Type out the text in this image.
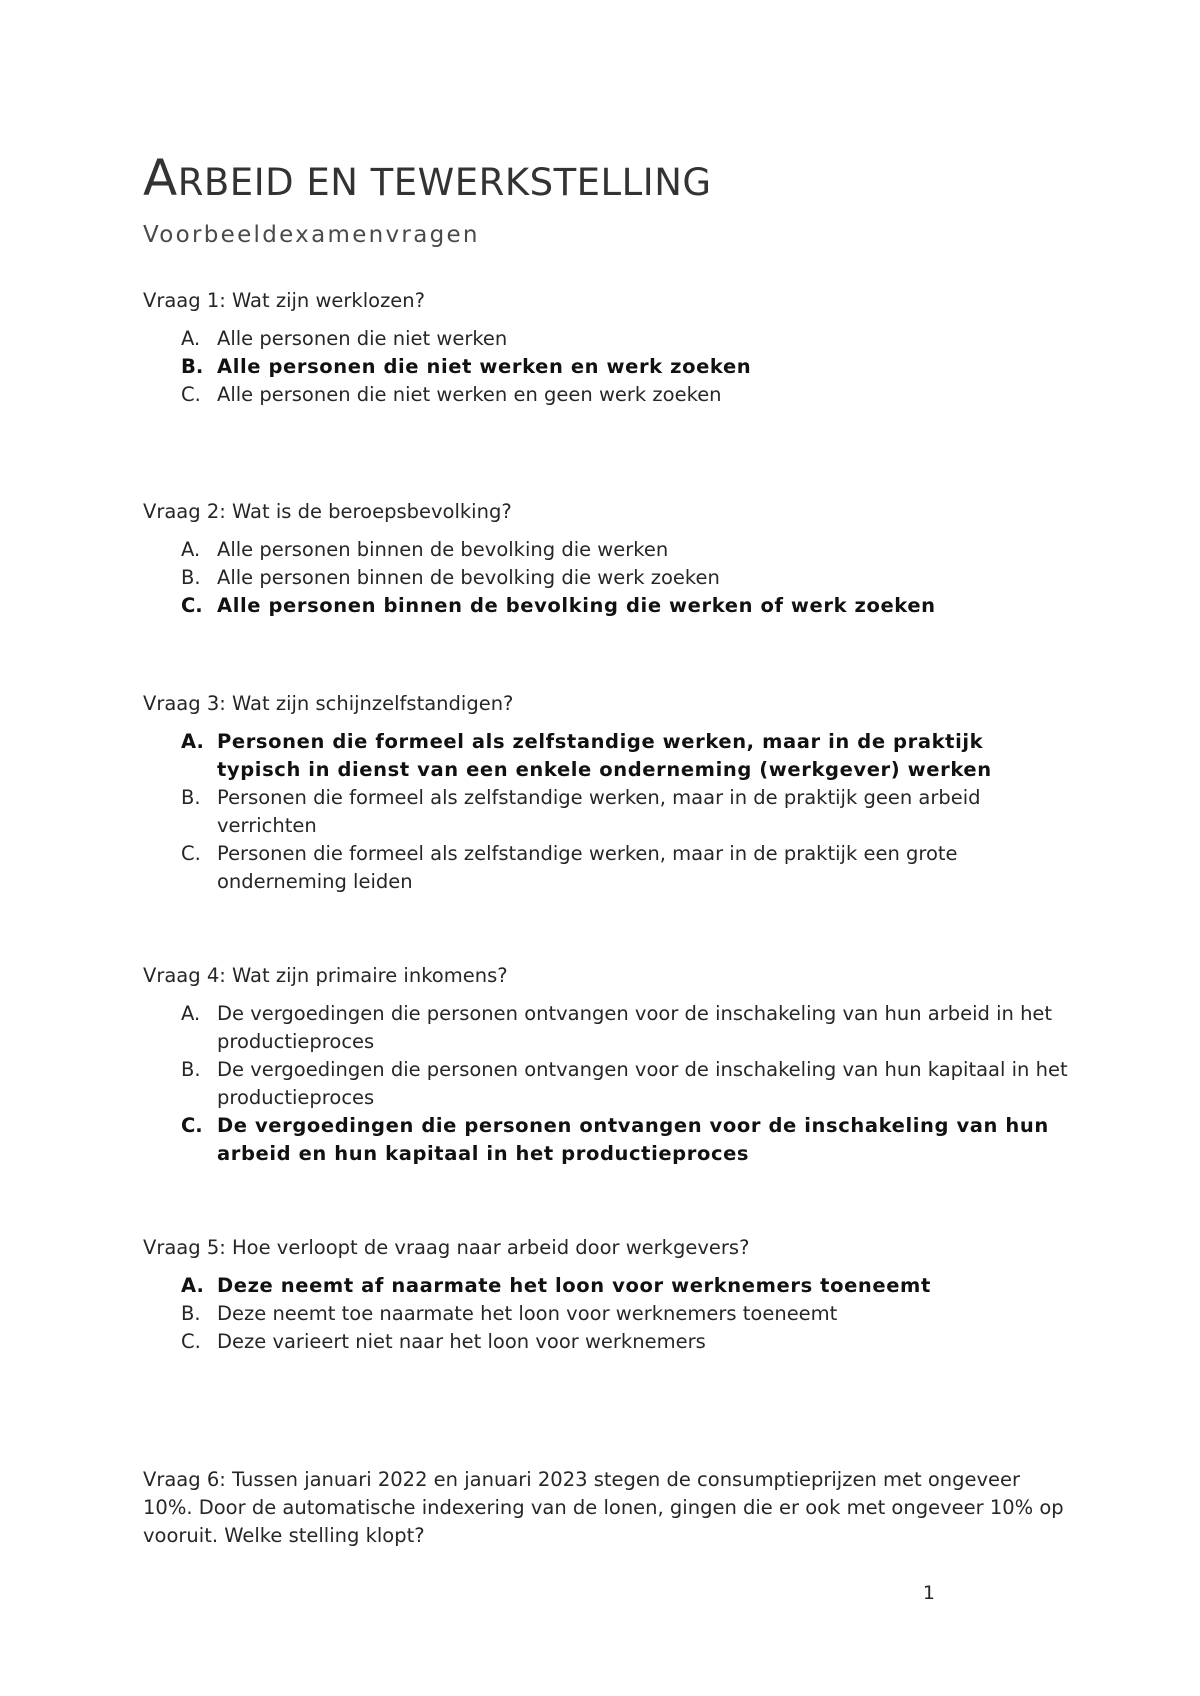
ARBEID EN TEWERKSTELLING
Voorbeeldexamenvragen

Vraag 1: Wat zijn werklozen?

A. Alle personen die niet werken
B. Alle personen die niet werken en werk zoeken
C. Alle personen die niet werken en geen werk zoeken

Vraag 2: Wat is de beroepsbevolking?

A. Alle personen binnen de bevolking die werken
B. Alle personen binnen de bevolking die werk zoeken
C. Alle personen binnen de bevolking die werken of werk zoeken

Vraag 3: Wat zijn schijnzelfstandigen?

A. Personen die formeel als zelfstandige werken, maar in de praktijk typisch in dienst van een enkele onderneming (werkgever) werken
B. Personen die formeel als zelfstandige werken, maar in de praktijk geen arbeid verrichten
C. Personen die formeel als zelfstandige werken, maar in de praktijk een grote onderneming leiden

Vraag 4: Wat zijn primaire inkomens?

A. De vergoedingen die personen ontvangen voor de inschakeling van hun arbeid in het productieproces
B. De vergoedingen die personen ontvangen voor de inschakeling van hun kapitaal in het productieproces
C. De vergoedingen die personen ontvangen voor de inschakeling van hun arbeid en hun kapitaal in het productieproces

Vraag 5: Hoe verloopt de vraag naar arbeid door werkgevers?

A. Deze neemt af naarmate het loon voor werknemers toeneemt
B. Deze neemt toe naarmate het loon voor werknemers toeneemt
C. Deze varieert niet naar het loon voor werknemers

Vraag 6: Tussen januari 2022 en januari 2023 stegen de consumptieprijzen met ongeveer 10%. Door de automatische indexering van de lonen, gingen die er ook met ongeveer 10% op vooruit. Welke stelling klopt?

1
